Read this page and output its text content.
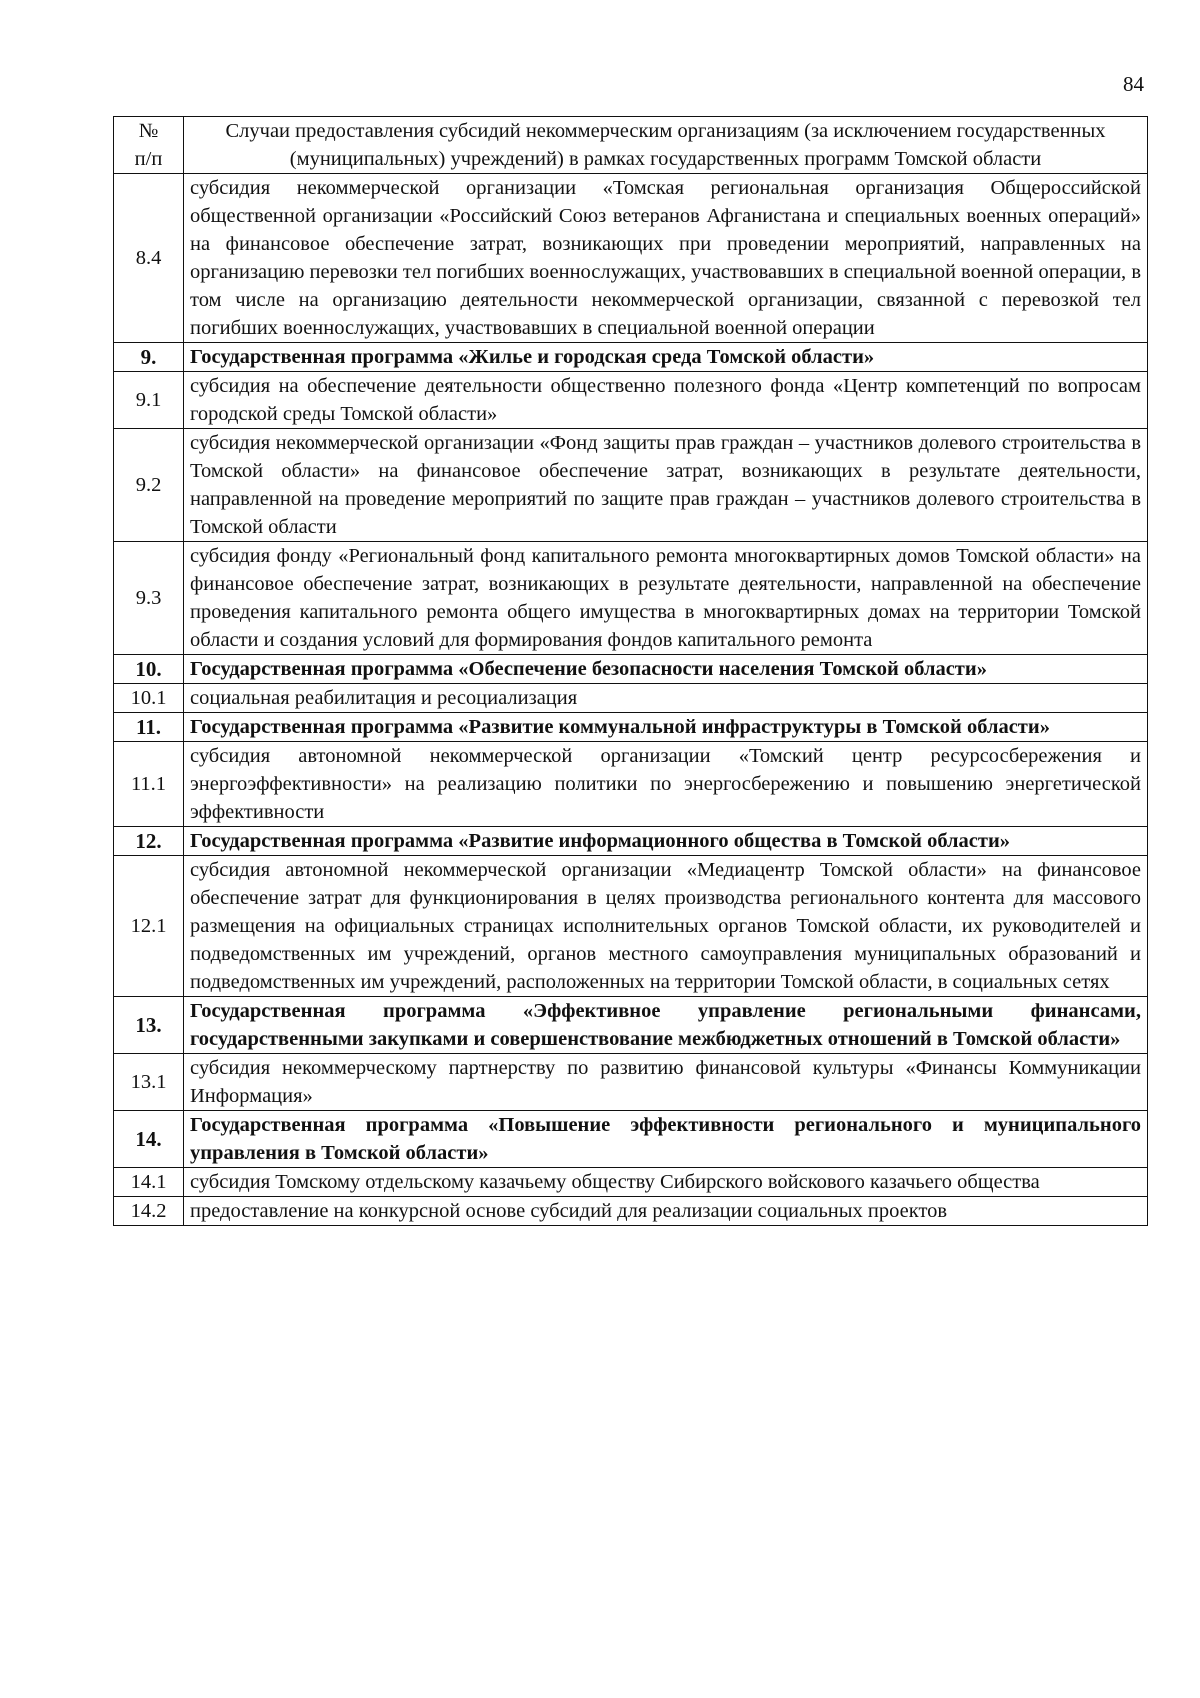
84
№
п/п	Случаи предоставления субсидий некоммерческим организациям (за исключением государственных (муниципальных) учреждений) в рамках государственных программ Томской области
8.4	субсидия некоммерческой организации «Томская региональная организация Общероссийской общественной организации «Российский Союз ветеранов Афганистана и специальных военных операций» на финансовое обеспечение затрат, возникающих при проведении мероприятий, направленных на организацию перевозки тел погибших военнослужащих, участвовавших в специальной военной операции, в том числе на организацию деятельности некоммерческой организации, связанной с перевозкой тел погибших военнослужащих, участвовавших в специальной военной операции
9.	Государственная программа «Жилье и городская среда Томской области»
9.1	субсидия на обеспечение деятельности общественно полезного фонда «Центр компетенций по вопросам городской среды Томской области»
9.2	субсидия некоммерческой организации «Фонд защиты прав граждан – участников долевого строительства в Томской области» на финансовое обеспечение затрат, возникающих в результате деятельности, направленной на проведение мероприятий по защите прав граждан – участников долевого строительства в Томской области
9.3	субсидия фонду «Региональный фонд капитального ремонта многоквартирных домов Томской области» на финансовое обеспечение затрат, возникающих в результате деятельности, направленной на обеспечение проведения капитального ремонта общего имущества в многоквартирных домах на территории Томской области и создания условий для формирования фондов капитального ремонта
10.	Государственная программа «Обеспечение безопасности населения Томской области»
10.1	социальная реабилитация и ресоциализация
11.	Государственная программа «Развитие коммунальной инфраструктуры в Томской области»
11.1	субсидия автономной некоммерческой организации «Томский центр ресурсосбережения и энергоэффективности» на реализацию политики по энергосбережению и повышению энергетической эффективности
12.	Государственная программа «Развитие информационного общества в Томской области»
12.1	субсидия автономной некоммерческой организации «Медиацентр Томской области» на финансовое обеспечение затрат для функционирования в целях производства регионального контента для массового размещения на официальных страницах исполнительных органов Томской области, их руководителей и подведомственных им учреждений, органов местного самоуправления муниципальных образований и подведомственных им учреждений, расположенных на территории Томской области, в социальных сетях
13.	Государственная программа «Эффективное управление региональными финансами, государственными закупками и совершенствование межбюджетных отношений в Томской области»
13.1	субсидия некоммерческому партнерству по развитию финансовой культуры «Финансы Коммуникации Информация»
14.	Государственная программа «Повышение эффективности регионального и муниципального управления в Томской области»
14.1	субсидия Томскому отдельскому казачьему обществу Сибирского войскового казачьего общества
14.2	предоставление на конкурсной основе субсидий для реализации социальных проектов
